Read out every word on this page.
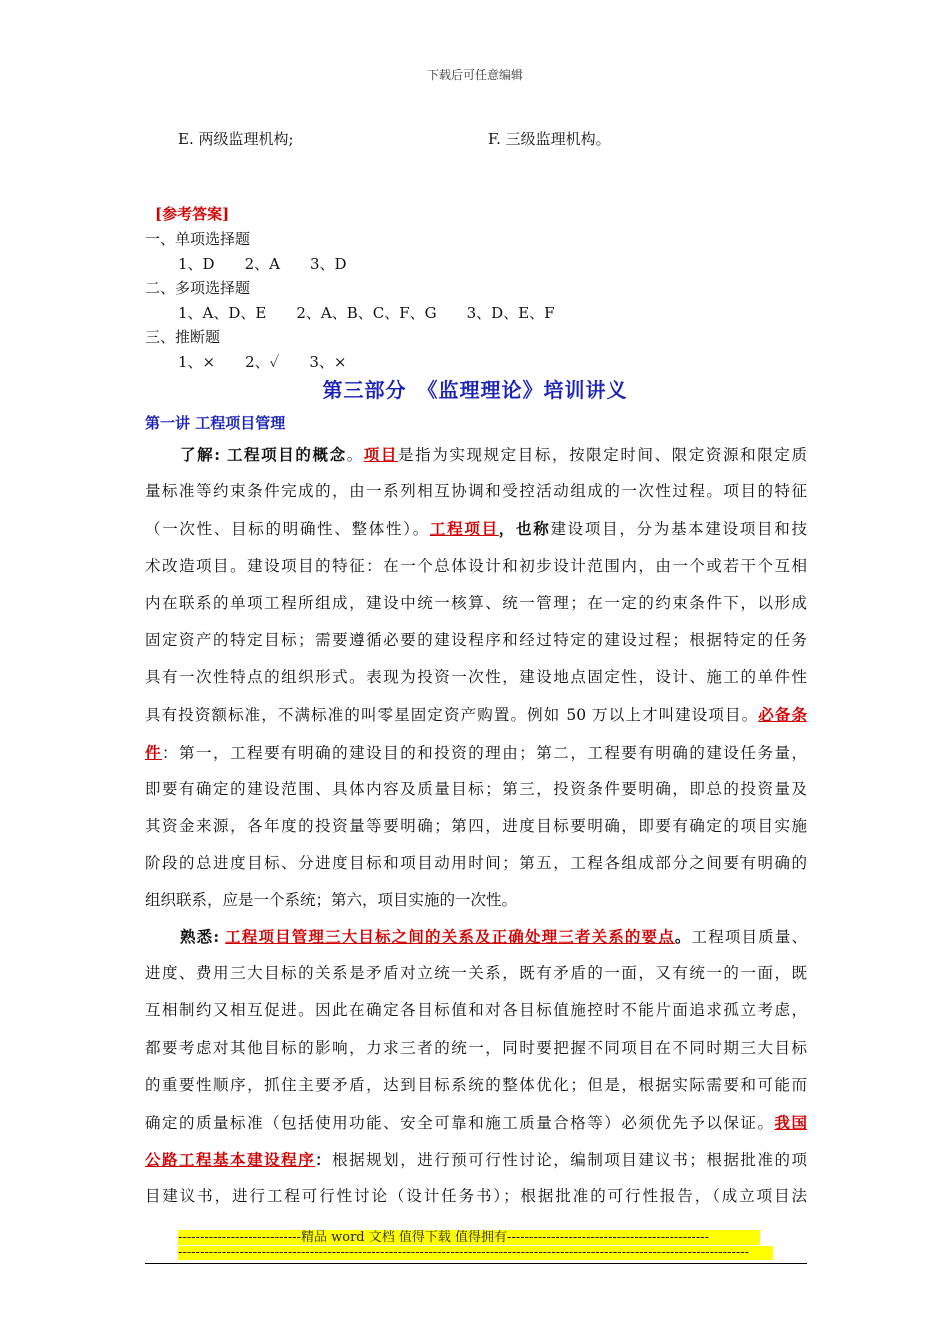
下载后可任意编辑
E. 两级监理机构;	F. 三级监理机构。
[参考答案]
一、单项选择题
1、D　　2、A　　3、D
二、多项选择题
1、A、D、E　　2、A、B、C、F、G　　3、D、E、F
三、推断题
1、×　　2、✓　　3、×
第三部分　《监理理论》培训讲义
第一讲 工程项目管理
了解: 工程项目的概念。项目是指为实现规定目标，按限定时间、限定资源和限定质
量标准等约束条件完成的，由一系列相互协调和受控活动组成的一次性过程。项目的特征
（一次性、目标的明确性、整体性）。工程项目，也称建设项目，分为基本建设项目和技
术改造项目。建设项目的特征：在一个总体设计和初步设计范围内，由一个或若干个互相
内在联系的单项工程所组成，建设中统一核算、统一管理；在一定的约束条件下，以形成
固定资产的特定目标；需要遵循必要的建设程序和经过特定的建设过程；根据特定的任务
具有一次性特点的组织形式。表现为投资一次性，建设地点固定性，设计、施工的单件性
具有投资额标准，不满标准的叫零星固定资产购置。例如 50 万以上才叫建设项目。必备条
件：第一，工程要有明确的建设目的和投资的理由；第二，工程要有明确的建设任务量，
即要有确定的建设范围、具体内容及质量目标；第三，投资条件要明确，即总的投资量及
其资金来源，各年度的投资量等要明确；第四，进度目标要明确，即要有确定的项目实施
阶段的总进度目标、分进度目标和项目动用时间；第五，工程各组成部分之间要有明确的
组织联系，应是一个系统；第六，项目实施的一次性。
熟悉: 工程项目管理三大目标之间的关系及正确处理三者关系的要点。工程项目质量、
进度、费用三大目标的关系是矛盾对立统一关系，既有矛盾的一面，又有统一的一面，既
互相制约又相互促进。因此在确定各目标值和对各目标值施控时不能片面追求孤立考虑，
都要考虑对其他目标的影响，力求三者的统一，同时要把握不同项目在不同时期三大目标
的重要性顺序，抓住主要矛盾，达到目标系统的整体优化；但是，根据实际需要和可能而
确定的质量标准（包括使用功能、安全可靠和施工质量合格等）必须优先予以保证。我国
公路工程基本建设程序：根据规划，进行预可行性讨论，编制项目建议书；根据批准的项
目建议书，进行工程可行性讨论（设计任务书）；根据批准的可行性报告，（成立项目法
----------------------------精品 word 文档 值得下载 值得拥有----------------------------------------------
----------------------------------------------------------------------------------------------------------------------------------
